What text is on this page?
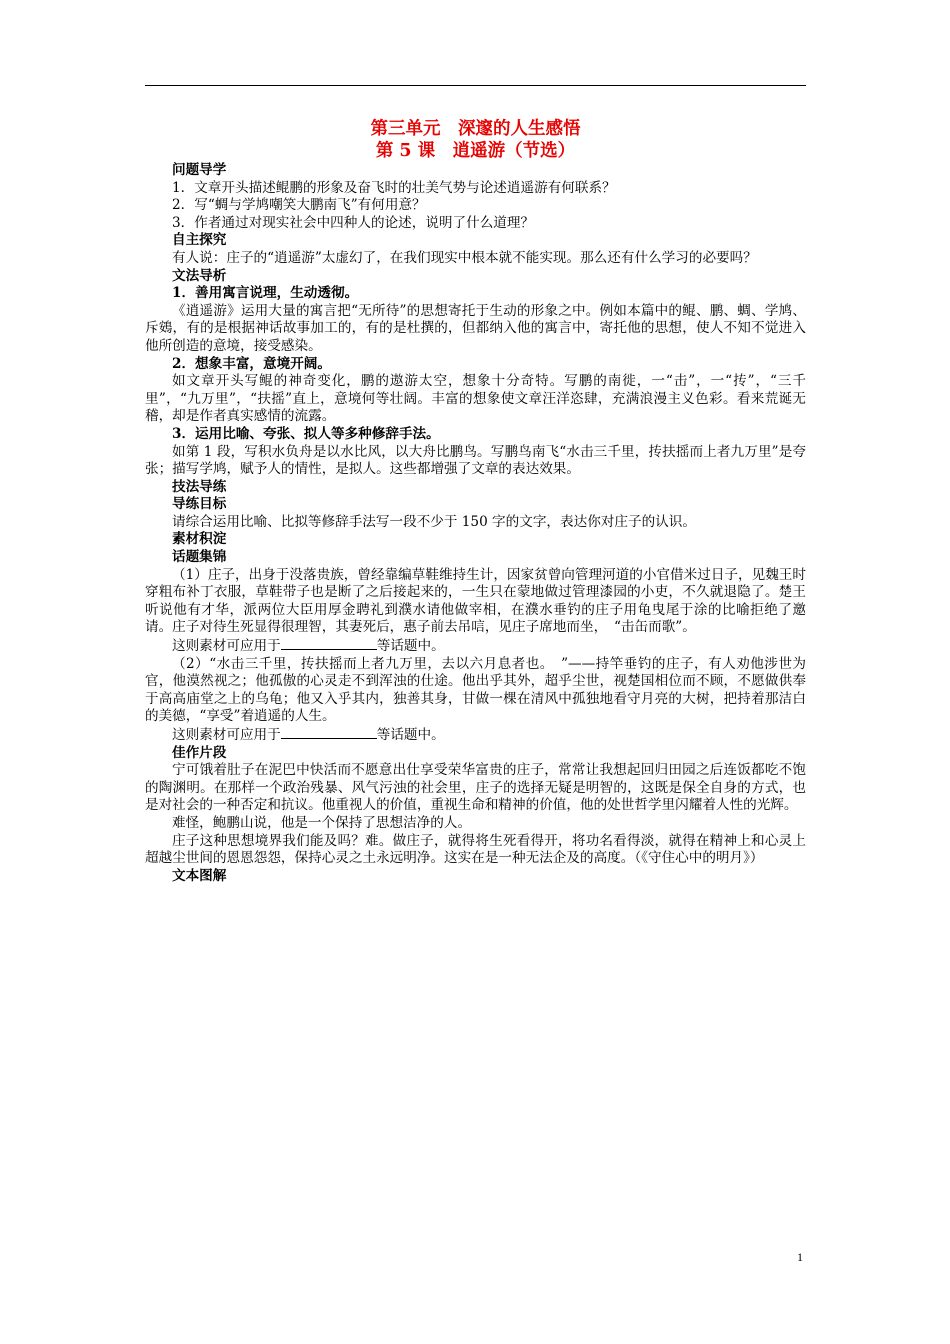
第三单元　深邃的人生感悟

第 5 课　逍遥游（节选）

问题导学

1．文章开头描述鲲鹏的形象及奋飞时的壮美气势与论述逍遥游有何联系？

2．写“蜩与学鸠嘲笑大鹏南飞”有何用意？

3．作者通过对现实社会中四种人的论述，说明了什么道理？

自主探究

有人说：庄子的“逍遥游”太虚幻了，在我们现实中根本就不能实现。那么还有什么学习的必要吗？

文法导析

1．善用寓言说理，生动透彻。

《逍遥游》运用大量的寓言把“无所待”的思想寄托于生动的形象之中。例如本篇中的鲲、鹏、蜩、学鸠、斥鴳，有的是根据神话故事加工的，有的是杜撰的，但都纳入他的寓言中，寄托他的思想，使人不知不觉进入他所创造的意境，接受感染。

2．想象丰富，意境开阔。

如文章开头写鲲的神奇变化，鹏的遨游太空，想象十分奇特。写鹏的南徙，一“击”，一“抟”，“三千里”，“九万里”，“扶摇”直上，意境何等壮阔。丰富的想象使文章汪洋恣肆，充满浪漫主义色彩。看来荒诞无稽，却是作者真实感情的流露。

3．运用比喻、夸张、拟人等多种修辞手法。

如第 1 段，写积水负舟是以水比风，以大舟比鹏鸟。写鹏鸟南飞“水击三千里，抟扶摇而上者九万里”是夸张；描写学鸠，赋予人的情性，是拟人。这些都增强了文章的表达效果。

技法导练

导练目标

请综合运用比喻、比拟等修辞手法写一段不少于 150 字的文字，表达你对庄子的认识。

素材积淀

话题集锦

（1）庄子，出身于没落贵族，曾经靠编草鞋维持生计，因家贫曾向管理河道的小官借米过日子，见魏王时穿粗布补丁衣服，草鞋带子也是断了之后接起来的，一生只在蒙地做过管理漆园的小吏，不久就退隐了。楚王听说他有才华，派两位大臣用厚金聘礼到濮水请他做宰相，在濮水垂钓的庄子用龟曳尾于涂的比喻拒绝了邀请。庄子对待生死显得很理智，其妻死后，惠子前去吊唁，见庄子席地而坐，　“击缶而歌”。

这则素材可应用于	等话题中。

（2）“水击三千里，抟扶摇而上者九万里，去以六月息者也。　”——持竿垂钓的庄子，有人劝他涉世为官，他漠然视之；他孤傲的心灵走不到浑浊的仕途。他出乎其外，超乎尘世，视楚国相位而不顾，不愿做供奉于高高庙堂之上的乌龟；他又入乎其内，独善其身，甘做一棵在清风中孤独地看守月亮的大树，把持着那洁白的美德，“享受”着逍遥的人生。

这则素材可应用于	等话题中。

佳作片段

宁可饿着肚子在泥巴中快活而不愿意出仕享受荣华富贵的庄子，常常让我想起回归田园之后连饭都吃不饱的陶渊明。在那样一个政治残暴、风气污浊的社会里，庄子的选择无疑是明智的，这既是保全自身的方式，也是对社会的一种否定和抗议。他重视人的价值，重视生命和精神的价值，他的处世哲学里闪耀着人性的光辉。

难怪，鲍鹏山说，他是一个保持了思想洁净的人。

庄子这种思想境界我们能及吗？难。做庄子，就得将生死看得开，将功名看得淡，就得在精神上和心灵上超越尘世间的恩恩怨怨，保持心灵之土永远明净。这实在是一种无法企及的高度。（《守住心中的明月》）

文本图解

1
